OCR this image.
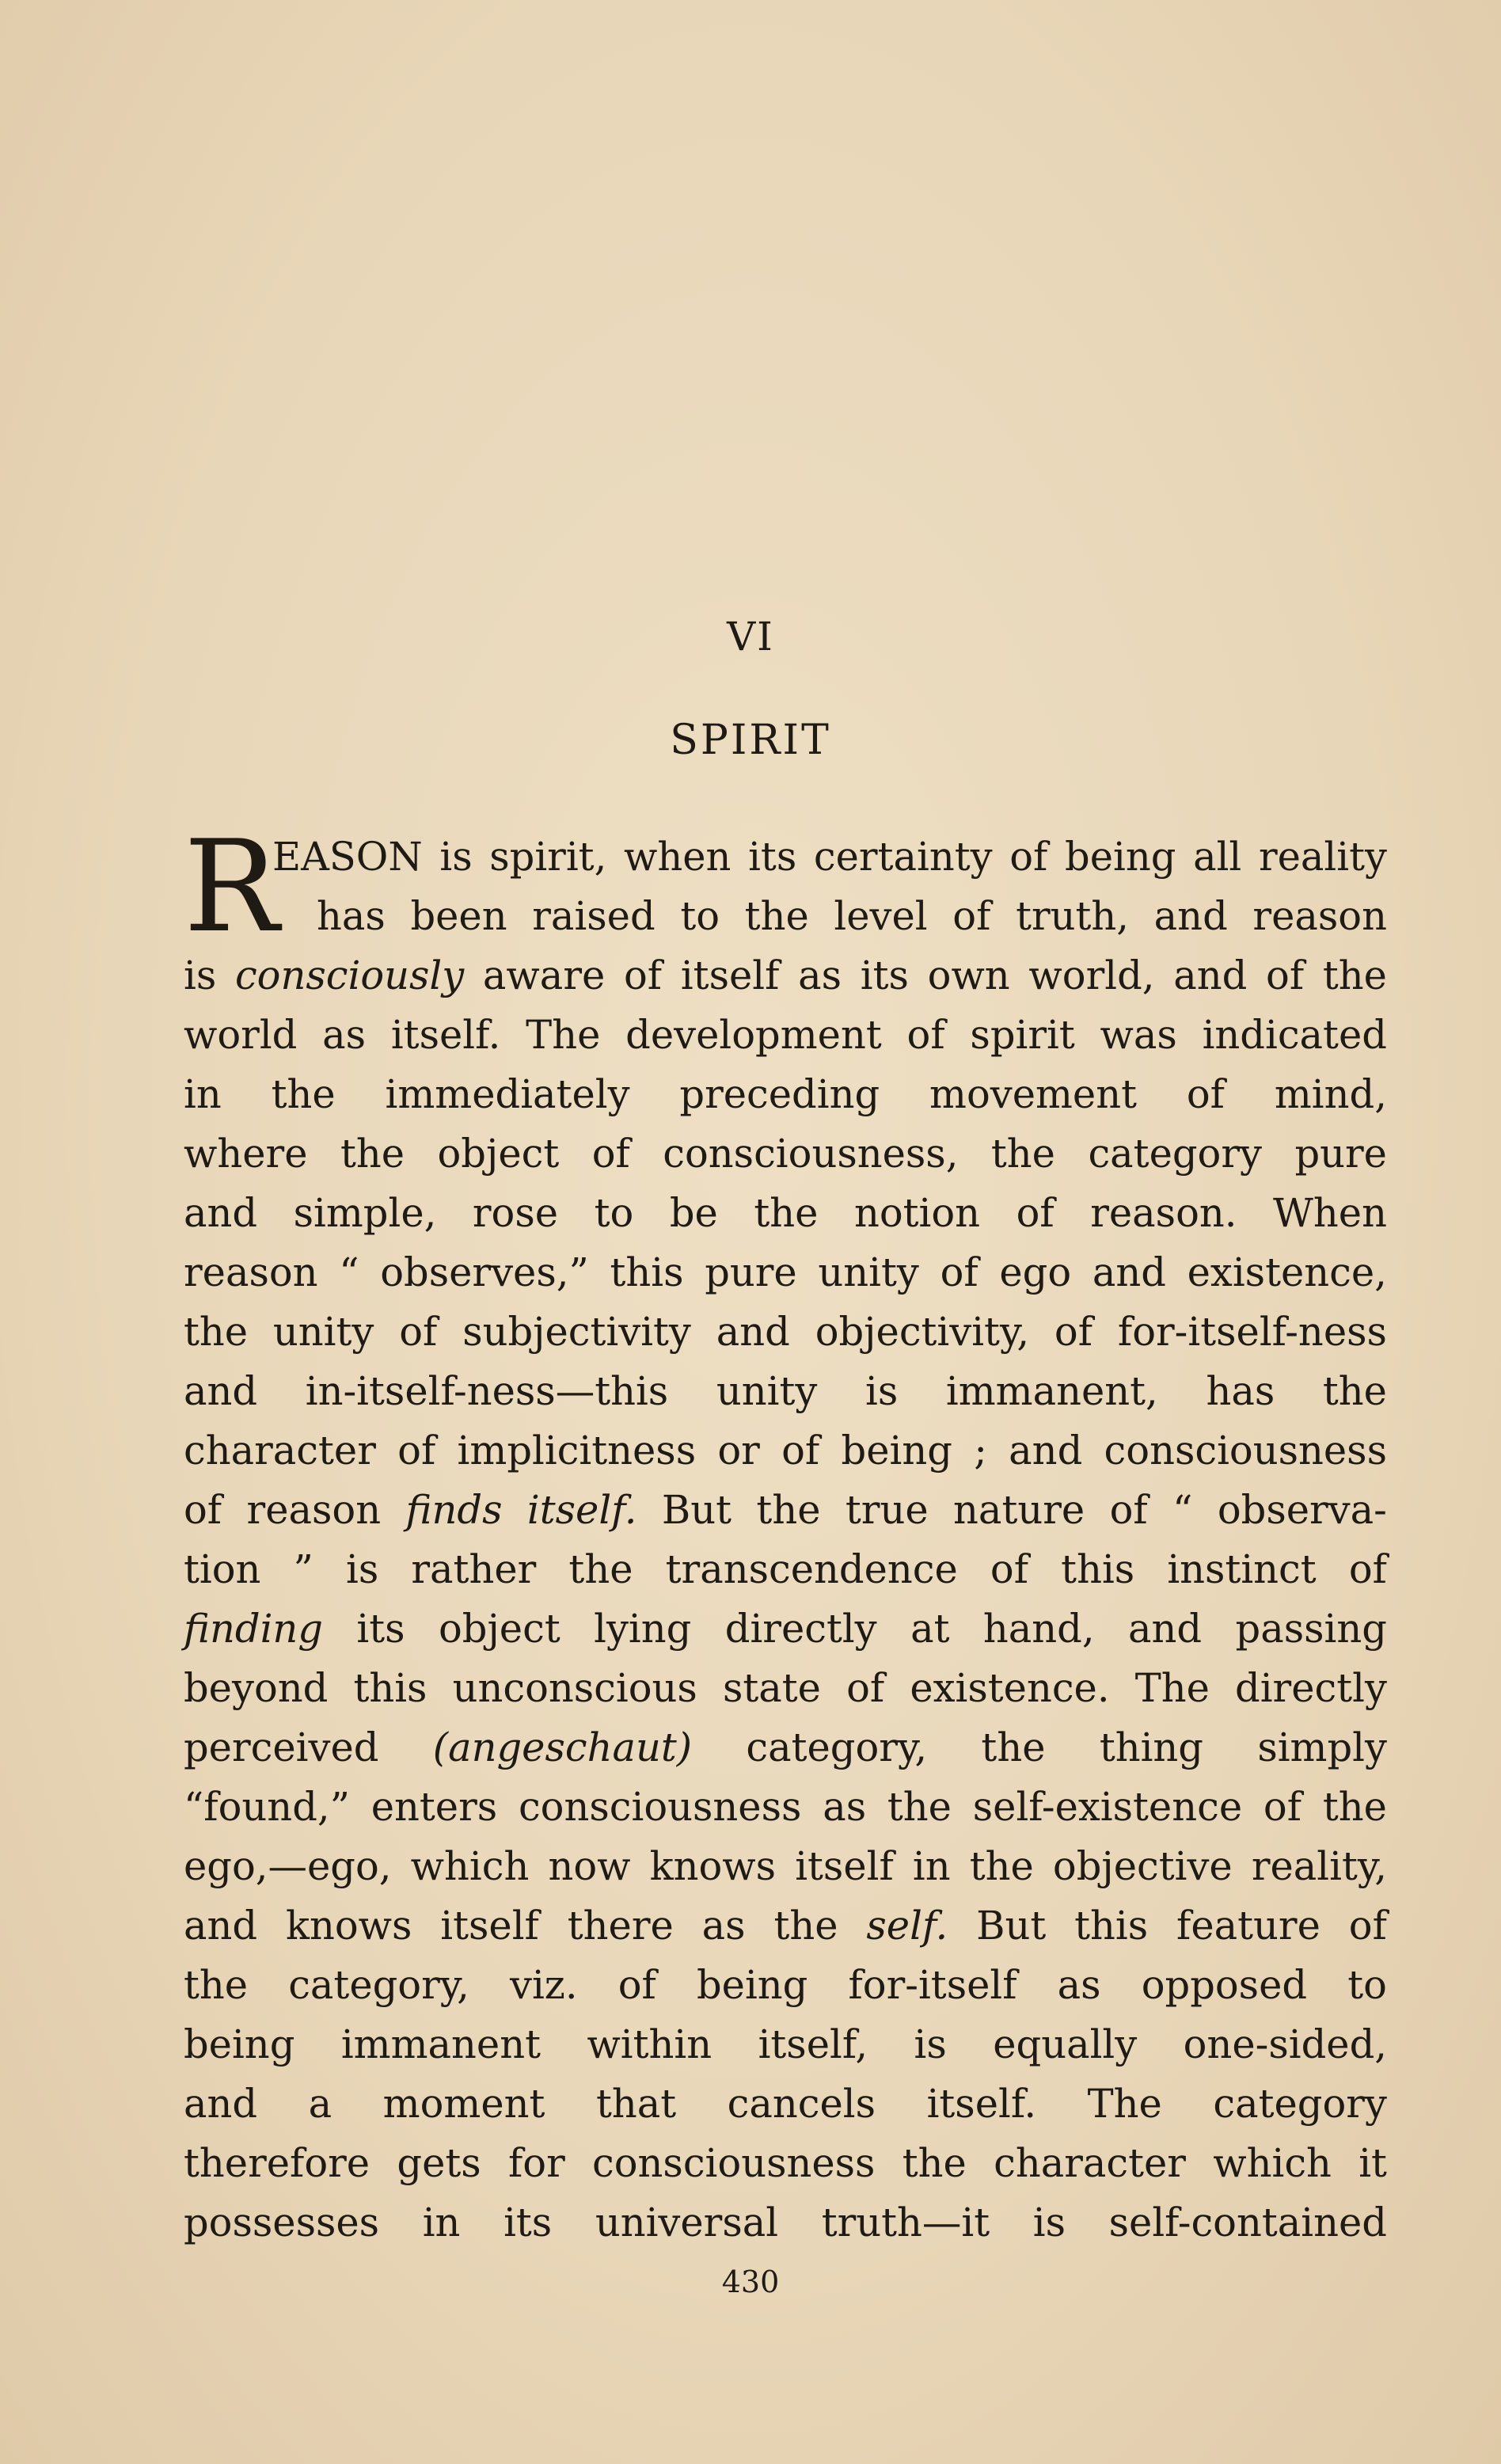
VI
SPIRIT
R
EASON is spirit, when its certainty of being all reality
has been raised to the level of truth, and reason
is consciously aware of itself as its own world, and of the
world as itself. The development of spirit was indicated
in the immediately preceding movement of mind,
where the object of consciousness, the category pure
and simple, rose to be the notion of reason. When
reason “ observes,” this pure unity of ego and existence,
the unity of subjectivity and objectivity, of for-itself-ness
and in-itself-ness—this unity is immanent, has the
character of implicitness or of being ; and consciousness
of reason finds itself. But the true nature of “ observa-
tion ” is rather the transcendence of this instinct of
finding its object lying directly at hand, and passing
beyond this unconscious state of existence. The directly
perceived (angeschaut) category, the thing simply
“found,” enters consciousness as the self-existence of the
ego,—ego, which now knows itself in the objective reality,
and knows itself there as the self. But this feature of
the category, viz. of being for-itself as opposed to
being immanent within itself, is equally one-sided,
and a moment that cancels itself. The category
therefore gets for consciousness the character which it
possesses in its universal truth—it is self-contained
430
